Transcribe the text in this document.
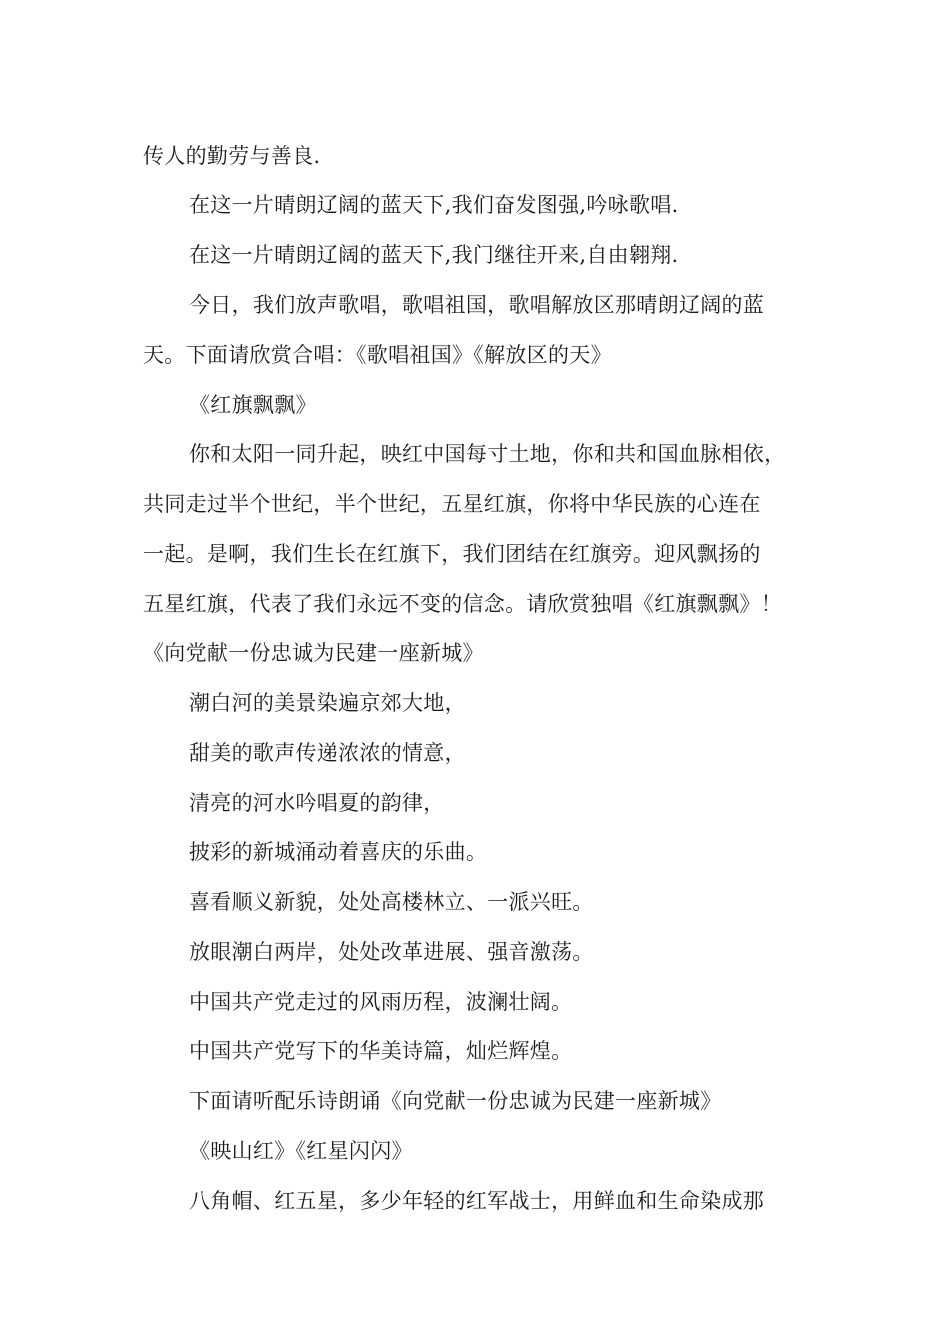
传人的勤劳与善良.
在这一片晴朗辽阔的蓝天下,我们奋发图强,吟咏歌唱.
在这一片晴朗辽阔的蓝天下,我门继往开来,自由翱翔.
今日，我们放声歌唱，歌唱祖国，歌唱解放区那晴朗辽阔的蓝
天。下面请欣赏合唱：《歌唱祖国》《解放区的天》
《红旗飘飘》
你和太阳一同升起，映红中国每寸土地，你和共和国血脉相依，
共同走过半个世纪，半个世纪，五星红旗，你将中华民族的心连在
一起。是啊，我们生长在红旗下，我们团结在红旗旁。迎风飘扬的
五星红旗，代表了我们永远不变的信念。请欣赏独唱《红旗飘飘》！
《向党献一份忠诚为民建一座新城》
潮白河的美景染遍京郊大地，
甜美的歌声传递浓浓的情意，
清亮的河水吟唱夏的韵律，
披彩的新城涌动着喜庆的乐曲。
喜看顺义新貌，处处高楼林立、一派兴旺。
放眼潮白两岸，处处改革进展、强音激荡。
中国共产党走过的风雨历程，波澜壮阔。
中国共产党写下的华美诗篇，灿烂辉煌。
下面请听配乐诗朗诵《向党献一份忠诚为民建一座新城》
《映山红》《红星闪闪》
八角帽、红五星，多少年轻的红军战士，用鲜血和生命染成那
